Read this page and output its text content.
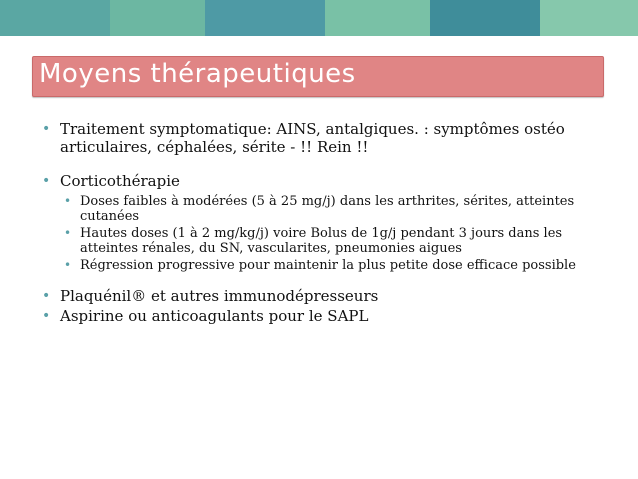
Moyens thérapeutiques
• Traitement symptomatique: AINS, antalgiques. : symptômes ostéo articulaires, céphalées, sérite - !! Rein !!
• Corticothérapie
• Doses faibles à modérées (5 à 25 mg/j) dans les arthrites, sérites, atteintes cutanées
• Hautes doses (1 à 2 mg/kg/j) voire Bolus de 1g/j pendant 3 jours dans les atteintes rénales, du SN, vascularites, pneumonies aigues
• Régression progressive pour maintenir la plus petite dose efficace possible
• Plaquénil® et autres immunodépresseurs
• Aspirine ou anticoagulants pour le SAPL
